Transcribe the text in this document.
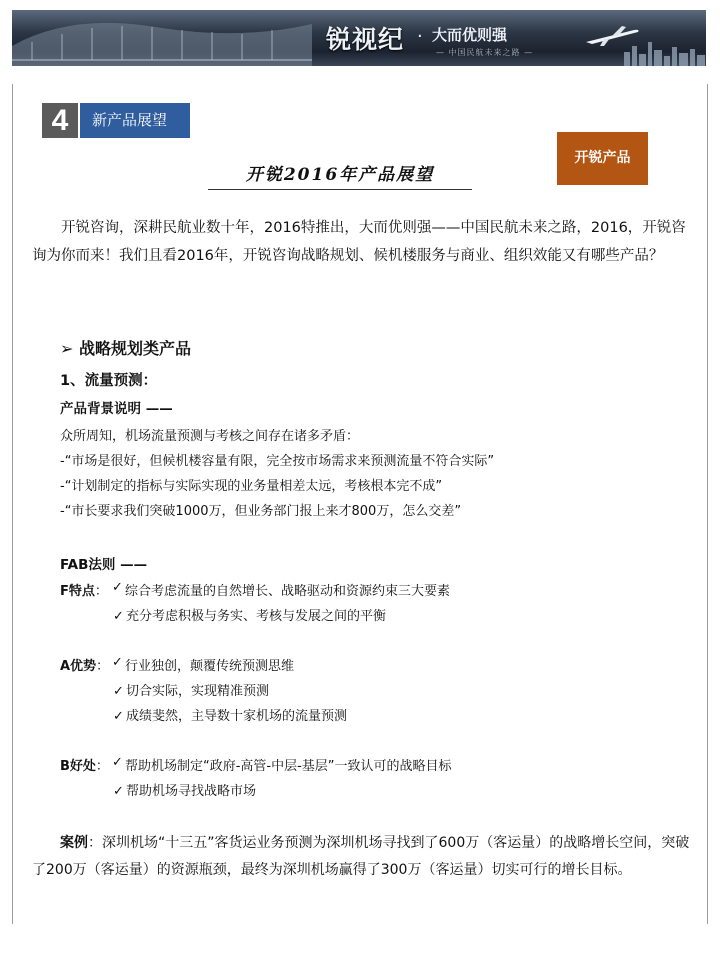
锐视纪 · 大而优则强
— 中国民航未来之路 —
4	新产品展望
开锐产品
开锐2016年产品展望

开锐咨询，深耕民航业数十年，2016特推出，大而优则强——中国民航未来之路，2016，开锐咨询为你而来！我们且看2016年，开锐咨询战略规划、候机楼服务与商业、组织效能又有哪些产品？

➢ 战略规划类产品
1、流量预测：
产品背景说明 ——
众所周知，机场流量预测与考核之间存在诸多矛盾：
-“市场是很好，但候机楼容量有限，完全按市场需求来预测流量不符合实际”
-“计划制定的指标与实际实现的业务量相差太远，考核根本完不成”
-“市长要求我们突破1000万，但业务部门报上来才800万，怎么交差”
FAB法则 ——
F特点： ✓ 综合考虑流量的自然增长、战略驱动和资源约束三大要素
✓ 充分考虑积极与务实、考核与发展之间的平衡
A优势： ✓ 行业独创，颠覆传统预测思维
✓ 切合实际，实现精准预测
✓ 成绩斐然，主导数十家机场的流量预测
B好处： ✓ 帮助机场制定“政府-高管-中层-基层”一致认可的战略目标
✓ 帮助机场寻找战略市场

案例：深圳机场“十三五”客货运业务预测为深圳机场寻找到了600万（客运量）的战略增长空间，突破了200万（客运量）的资源瓶颈，最终为深圳机场赢得了300万（客运量）切实可行的增长目标。
